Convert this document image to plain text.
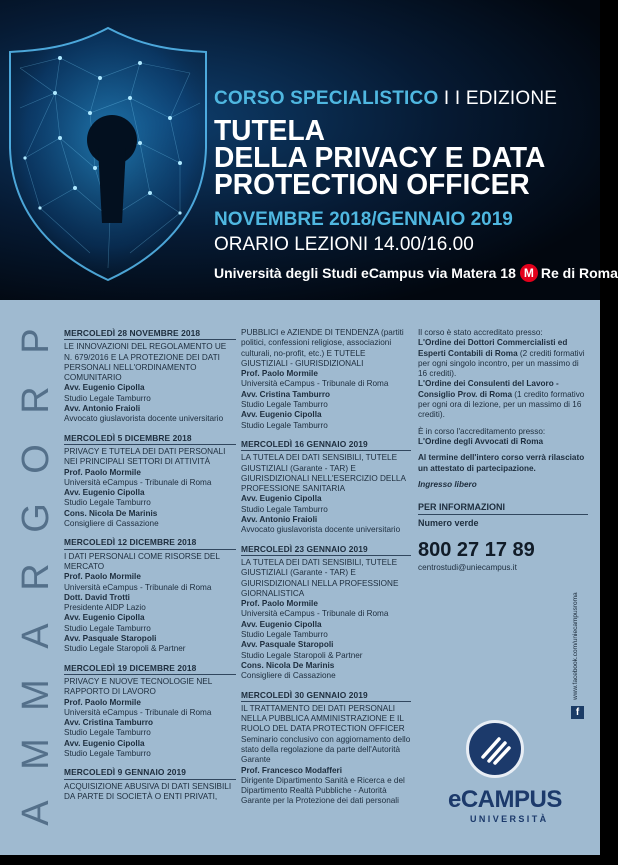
CORSO SPECIALISTICO I I EDIZIONE
TUTELA
DELLA PRIVACY E DATA
PROTECTION OFFICER
NOVEMBRE 2018/GENNAIO 2019
ORARIO LEZIONI 14.00/16.00
Università degli Studi eCampus via Matera 18 M Re di Roma
P
R
O
G
R
A
M
M
A
MERCOLEDÌ 28 NOVEMBRE 2018
LE INNOVAZIONI DEL REGOLAMENTO UE N. 679/2016 E LA PROTEZIONE DEI DATI PERSONALI NELL'ORDINAMENTO COMUNITARIO
Avv. Eugenio Cipolla
Studio Legale Tamburro
Avv. Antonio Fraioli
Avvocato giuslavorista docente universitario
MERCOLEDÌ 5 DICEMBRE 2018
PRIVACY E TUTELA DEI DATI PERSONALI NEI PRINCIPALI SETTORI DI ATTIVITÀ
Prof. Paolo Mormile
Università eCampus - Tribunale di Roma
Avv. Eugenio Cipolla
Studio Legale Tamburro
Cons. Nicola De Marinis
Consigliere di Cassazione
MERCOLEDÌ 12 DICEMBRE 2018
I DATI PERSONALI COME RISORSE DEL MERCATO
Prof. Paolo Mormile
Università eCampus - Tribunale di Roma
Dott. David Trotti
Presidente AIDP Lazio
Avv. Eugenio Cipolla
Studio Legale Tamburro
Avv. Pasquale Staropoli
Studio Legale Staropoli & Partner
MERCOLEDÌ 19 DICEMBRE 2018
PRIVACY E NUOVE TECNOLOGIE NEL RAPPORTO DI LAVORO
Prof. Paolo Mormile
Università eCampus - Tribunale di Roma
Avv. Cristina Tamburro
Studio Legale Tamburro
Avv. Eugenio Cipolla
Studio Legale Tamburro
MERCOLEDÌ 9 GENNAIO 2019
ACQUISIZIONE ABUSIVA DI DATI SENSIBILI DA PARTE DI SOCIETÀ O ENTI PRIVATI,
PUBBLICI e AZIENDE DI TENDENZA (partiti politici, confessioni religiose, associazioni culturali, no-profit, etc.) E TUTELE GIUSTIZIALI - GIURISDIZIONALI
Prof. Paolo Mormile
Università eCampus - Tribunale di Roma
Avv. Cristina Tamburro
Studio Legale Tamburro
Avv. Eugenio Cipolla
Studio Legale Tamburro
MERCOLEDÌ 16 GENNAIO 2019
LA TUTELA DEI DATI SENSIBILI, TUTELE GIUSTIZIALI (Garante - TAR) E GIURISDIZIONALI NELL'ESERCIZIO DELLA PROFESSIONE SANITARIA
Avv. Eugenio Cipolla
Studio Legale Tamburro
Avv. Antonio Fraioli
Avvocato giuslavorista docente universitario
MERCOLEDÌ 23 GENNAIO 2019
LA TUTELA DEI DATI SENSIBILI, TUTELE GIUSTIZIALI (Garante - TAR) E GIURISDIZIONALI NELLA PROFESSIONE GIORNALISTICA
Prof. Paolo Mormile
Università eCampus - Tribunale di Roma
Avv. Eugenio Cipolla
Studio Legale Tamburro
Avv. Pasquale Staropoli
Studio Legale Staropoli & Partner
Cons. Nicola De Marinis
Consigliere di Cassazione
MERCOLEDÌ 30 GENNAIO 2019
IL TRATTAMENTO DEI DATI PERSONALI NELLA PUBBLICA AMMINISTRAZIONE E IL RUOLO DEL DATA PROTECTION OFFICER
Seminario conclusivo con aggiornamento dello stato della regolazione da parte dell'Autorità Garante
Prof. Francesco Modafferi
Dirigente Dipartimento Sanità e Ricerca e del Dipartimento Realtà Pubbliche - Autorità Garante per la Protezione dei dati personali
Il corso è stato accreditato presso:
L'Ordine dei Dottori Commercialisti ed Esperti Contabili di Roma (2 crediti formativi per ogni singolo incontro, per un massimo di 16 crediti).
L'Ordine dei Consulenti del Lavoro - Consiglio Prov. di Roma (1 credito formativo per ogni ora di lezione, per un massimo di 16 crediti).
È in corso l'accreditamento presso:
L'Ordine degli Avvocati di Roma
Al termine dell'intero corso verrà rilasciato un attestato di partecipazione.
Ingresso libero
PER INFORMAZIONI
Numero verde
800 27 17 89
centrostudi@uniecampus.it
www.facebook.com/uniecampusroma
f
eCAMPUS
UNIVERSITÀ
